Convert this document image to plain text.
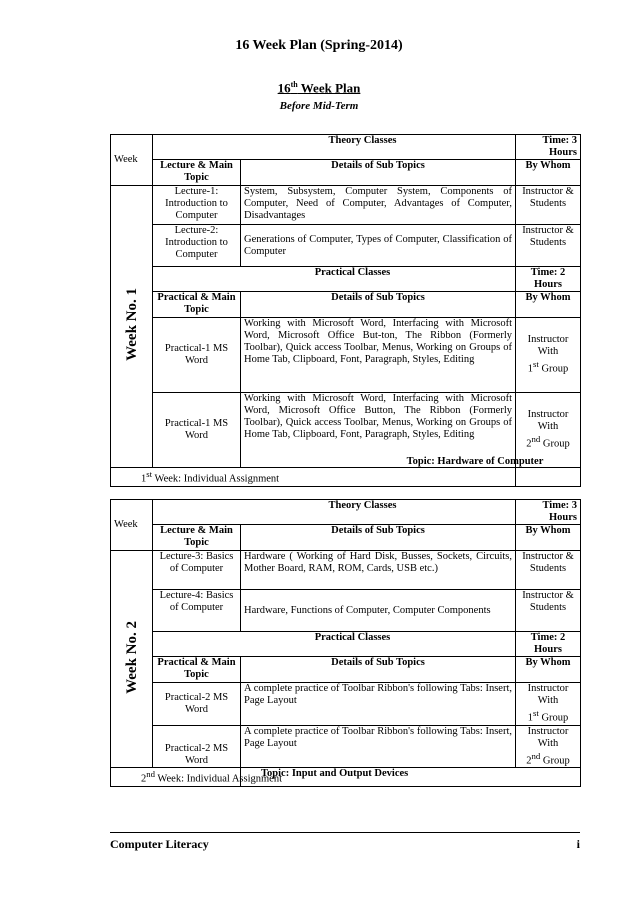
16 Week Plan (Spring-2014)
16th Week Plan
Before Mid-Term
Week	Theory Classes		Time: 3 Hours
	Lecture & Main Topic	Details of Sub Topics	By Whom
Week No. 1	Lecture-1: Introduction to Computer	System, Subsystem, Computer System, Components of Computer, Need of Computer, Advantages of Computer, Disadvantages	Instructor & Students
	Lecture-2: Introduction to Computer	Generations of Computer, Types of Computer, Classification of Computer	Instructor & Students
	Practical Classes		Time: 2 Hours
	Practical & Main Topic	Details of Sub Topics	By Whom
	Practical-1 MS Word	Working with Microsoft Word, Interfacing with Microsoft Word, Microsoft Office But-ton, The Ribbon (Formerly Toolbar), Quick access Toolbar, Menus, Working on Groups of Home Tab, Clipboard, Font, Paragraph, Styles, Editing	Instructor With
1st Group
	Practical-1 MS Word	Working with Microsoft Word, Interfacing with Microsoft Word, Microsoft Office Button, The Ribbon (Formerly Toolbar), Quick access Toolbar, Menus, Working on Groups of Home Tab, Clipboard, Font, Paragraph, Styles, Editing	Instructor With
2nd Group
1st Week: Individual Assignment			
Topic: Hardware of Computer
Week	Theory Classes		Time: 3 Hours
	Lecture & Main Topic	Details of Sub Topics	By Whom
Week No. 2	Lecture-3: Basics of Computer	Hardware ( Working of Hard Disk, Busses, Sockets, Circuits, Mother Board, RAM, ROM, Cards, USB etc.)	Instructor & Students
	Lecture-4: Basics of Computer	Hardware, Functions of Computer, Computer Components	Instructor & Students
	Practical Classes		Time: 2 Hours
	Practical & Main Topic	Details of Sub Topics	By Whom
	Practical-2 MS Word	A complete practice of Toolbar Ribbon's following Tabs: Insert, Page Layout	Instructor With
1st Group
	Practical-2 MS Word	A complete practice of Toolbar Ribbon's following Tabs: Insert, Page Layout	Instructor With
2nd Group
2nd Week: Individual Assignment		Topic: Input and Output Devices	
Computer Literacy	i
